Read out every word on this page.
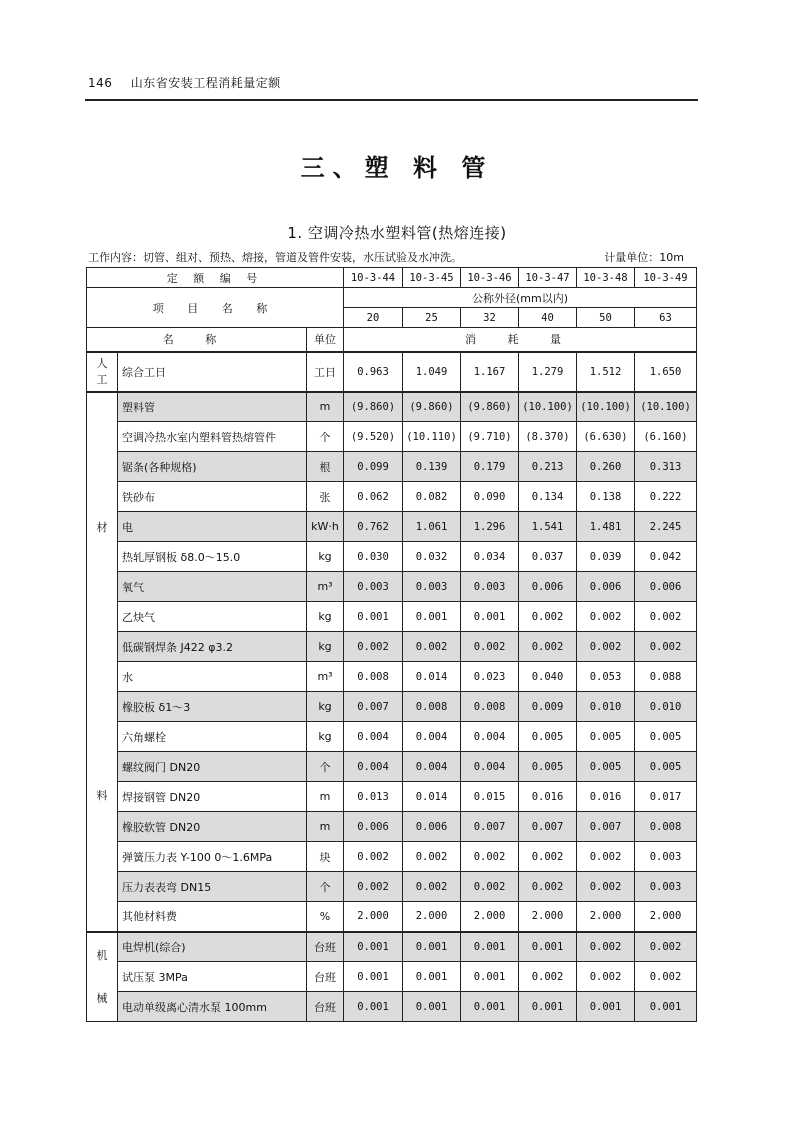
146 山东省安装工程消耗量定额
三、塑 料 管
1. 空调冷热水塑料管(热熔连接)
工作内容：切管、组对、预热、熔接，管道及管件安装，水压试验及水冲洗。	计量单位：10m
定 额 编 号			10-3-44	10-3-45	10-3-46	10-3-47	10-3-48	10-3-49
项 目 名 称			公称外径(mm以内)					
			20	25	32	40	50	63
名 称		单位	消 耗 量					

人
工	综合工日	工日	0.963	1.049	1.167	1.279	1.512	1.650

材
料	塑料管	m	(9.860)	(9.860)	(9.860)	(10.100)	(10.100)	(10.100)
	空调冷热水室内塑料管热熔管件	个	(9.520)	(10.110)	(9.710)	(8.370)	(6.630)	(6.160)
	锯条(各种规格)	根	0.099	0.139	0.179	0.213	0.260	0.313
	铁砂布	张	0.062	0.082	0.090	0.134	0.138	0.222
	电	kW·h	0.762	1.061	1.296	1.541	1.481	2.245
	热轧厚钢板 δ8.0～15.0	kg	0.030	0.032	0.034	0.037	0.039	0.042
	氧气	m³	0.003	0.003	0.003	0.006	0.006	0.006
	乙炔气	kg	0.001	0.001	0.001	0.002	0.002	0.002
	低碳钢焊条 J422 φ3.2	kg	0.002	0.002	0.002	0.002	0.002	0.002
	水	m³	0.008	0.014	0.023	0.040	0.053	0.088
	橡胶板 δ1～3	kg	0.007	0.008	0.008	0.009	0.010	0.010
	六角螺栓	kg	0.004	0.004	0.004	0.005	0.005	0.005
	螺纹阀门 DN20	个	0.004	0.004	0.004	0.005	0.005	0.005
	焊接钢管 DN20	m	0.013	0.014	0.015	0.016	0.016	0.017
	橡胶软管 DN20	m	0.006	0.006	0.007	0.007	0.007	0.008
	弹簧压力表 Y-100 0～1.6MPa	块	0.002	0.002	0.002	0.002	0.002	0.003
	压力表表弯 DN15	个	0.002	0.002	0.002	0.002	0.002	0.003
	其他材料费	%	2.000	2.000	2.000	2.000	2.000	2.000

机
械	电焊机(综合)	台班	0.001	0.001	0.001	0.001	0.002	0.002
	试压泵 3MPa	台班	0.001	0.001	0.001	0.002	0.002	0.002
	电动单级离心清水泵 100mm	台班	0.001	0.001	0.001	0.001	0.001	0.001
